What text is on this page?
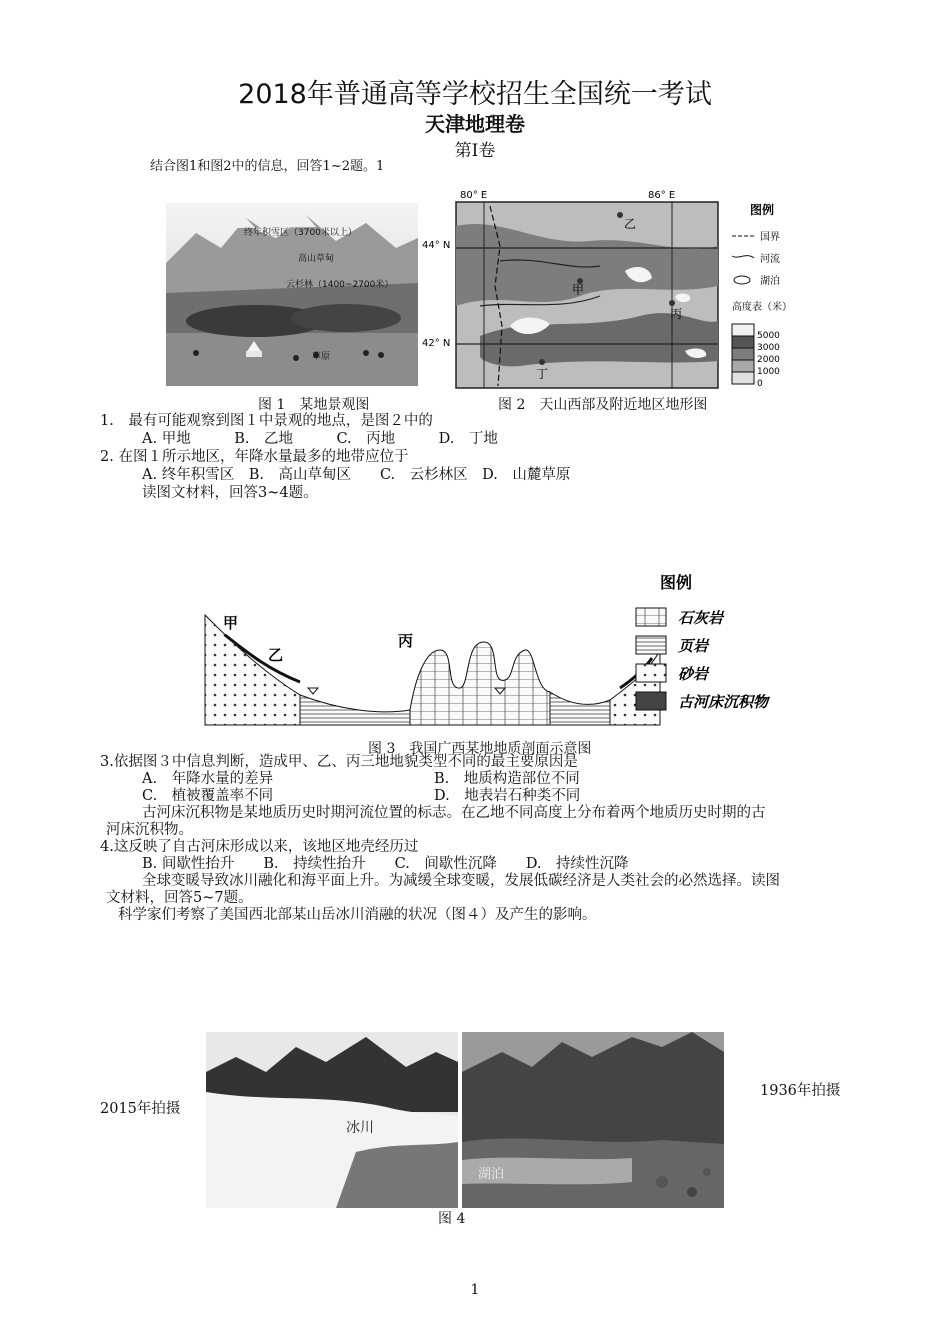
2018年普通高等学校招生全国统一考试
天津地理卷
第Ⅰ卷
结合图1和图2中的信息，回答1~2题。1
终年积雪区（3700米以上）
高山草甸
云杉林（1400~2700米）
草原
80° E	86° E
44° N
42° N
乙
甲
丙
丁
图例
国界
河流
湖泊
高度表（米）
5000
3000
2000
1000
0
图 1　某地景观图	图 2　天山西部及附近地区地形图
1.　最有可能观察到图１中景观的地点，是图２中的
A. 甲地　　　B.　乙地　　　C.　丙地　　　D.　丁地
2. 在图１所示地区，年降水量最多的地带应位于
A. 终年积雪区　B.　高山草甸区　　C.　云杉林区　D.　山麓草原
读图文材料，回答3~4题。
甲
乙
丙
图例
石灰岩
页岩
砂岩
古河床沉积物
图 3　我国广西某地地质剖面示意图
3.依据图３中信息判断，造成甲、乙、丙三地地貌类型不同的最主要原因是
A.　年降水量的差异	B.　地质构造部位不同
C.　植被覆盖率不同	D.　地表岩石种类不同
古河床沉积物是某地质历史时期河流位置的标志。在乙地不同高度上分布着两个地质历史时期的古
河床沉积物。
4.这反映了自古河床形成以来，该地区地壳经历过
B. 间歇性抬升　　B.　持续性抬升　　C.　间歇性沉降　　D.　持续性沉降
全球变暖导致冰川融化和海平面上升。为减缓全球变暖，发展低碳经济是人类社会的必然选择。读图
文材料，回答5~7题。
科学家们考察了美国西北部某山岳冰川消融的状况（图４）及产生的影响。
2015年拍摄
1936年拍摄
冰川
湖泊
图 4
1
